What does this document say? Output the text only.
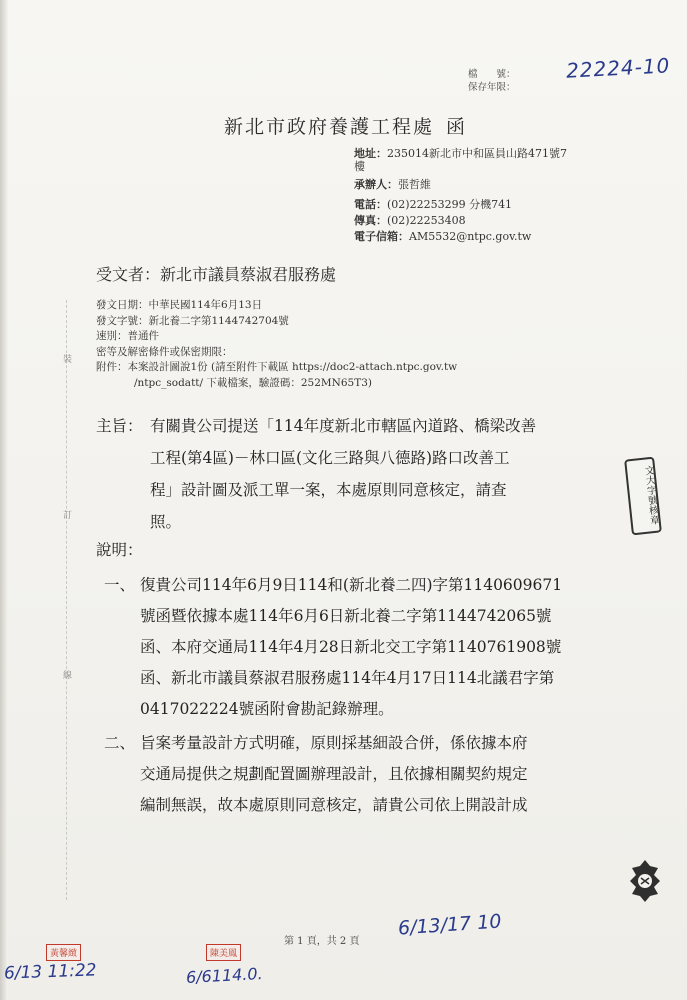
檔　　號：
保存年限：
22224-10
新北市政府養護工程處 函
地址：235014新北市中和區員山路471號7
樓
承辦人：張哲維
電話：(02)22253299 分機741
傳真：(02)22253408
電子信箱：AM5532@ntpc.gov.tw
受文者：新北市議員蔡淑君服務處
發文日期：中華民國114年6月13日
發文字號：新北養二字第1144742704號
速別：普通件
密等及解密條件或保密期限：
附件：本案設計圖說1份 (請至附件下載區 https://doc2-attach.ntpc.gov.tw
/ntpc_sodatt/ 下載檔案，驗證碼：252MN65T3)
主旨： 有關貴公司提送「114年度新北市轄區內道路、橋梁改善
工程(第4區)－林口區(文化三路與八德路)路口改善工
程」設計圖及派工單一案，本處原則同意核定，請查
照。
說明：
一、 復貴公司114年6月9日114和(新北養二四)字第1140609671
號函暨依據本處114年6月6日新北養二字第1144742065號
函、本府交通局114年4月28日新北交工字第1140761908號
函、新北市議員蔡淑君服務處114年4月17日114北議君字第
0417022224號函附會勘記錄辦理。
二、 旨案考量設計方式明確，原則採基細設合併，係依據本府
交通局提供之規劃配置圖辦理設計，且依據相關契約規定
編制無誤，故本處原則同意核定，請貴公司依上開設計成
裝
訂
線
文大字號核章
第 1 頁，共 2 頁
6/13/17 10
黃馨緻	陳美鳳
6/13 11:22	6/6114.0.
